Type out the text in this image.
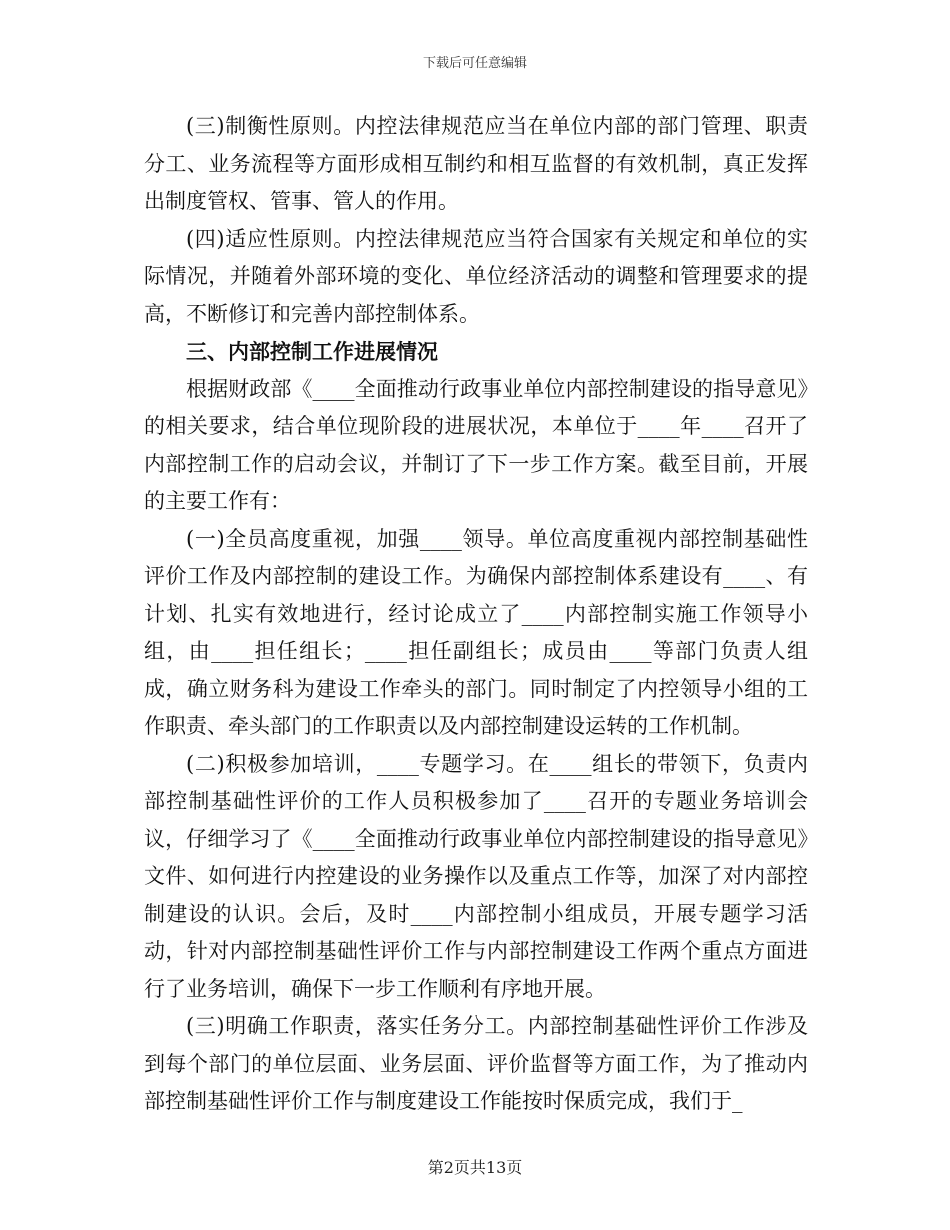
下载后可任意编辑

(三)制衡性原则。内控法律规范应当在单位内部的部门管理、职责分工、业务流程等方面形成相互制约和相互监督的有效机制，真正发挥出制度管权、管事、管人的作用。

(四)适应性原则。内控法律规范应当符合国家有关规定和单位的实际情况，并随着外部环境的变化、单位经济活动的调整和管理要求的提高，不断修订和完善内部控制体系。

三、内部控制工作进展情况

根据财政部《____全面推动行政事业单位内部控制建设的指导意见》的相关要求，结合单位现阶段的进展状况，本单位于____年____召开了内部控制工作的启动会议，并制订了下一步工作方案。截至目前，开展的主要工作有：

(一)全员高度重视，加强____领导。单位高度重视内部控制基础性评价工作及内部控制的建设工作。为确保内部控制体系建设有____、有计划、扎实有效地进行，经讨论成立了____内部控制实施工作领导小组，由____担任组长；____担任副组长；成员由____等部门负责人组成，确立财务科为建设工作牵头的部门。同时制定了内控领导小组的工作职责、牵头部门的工作职责以及内部控制建设运转的工作机制。

(二)积极参加培训，____专题学习。在____组长的带领下，负责内部控制基础性评价的工作人员积极参加了____召开的专题业务培训会议，仔细学习了《____全面推动行政事业单位内部控制建设的指导意见》文件、如何进行内控建设的业务操作以及重点工作等，加深了对内部控制建设的认识。会后，及时____内部控制小组成员，开展专题学习活动，针对内部控制基础性评价工作与内部控制建设工作两个重点方面进行了业务培训，确保下一步工作顺利有序地开展。

(三)明确工作职责，落实任务分工。内部控制基础性评价工作涉及到每个部门的单位层面、业务层面、评价监督等方面工作，为了推动内部控制基础性评价工作与制度建设工作能按时保质完成，我们于_

第2页共13页
